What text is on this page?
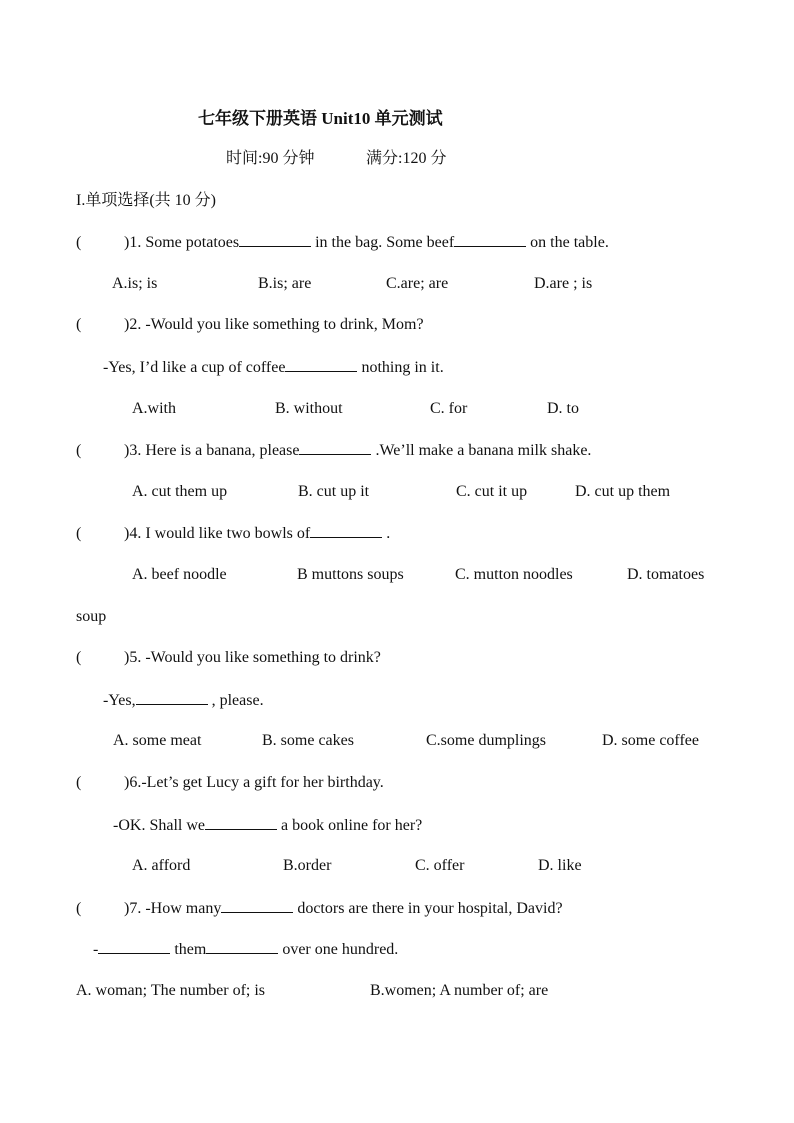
七年级下册英语 Unit10 单元测试
时间:90 分钟	满分:120 分
I.单项选择(共 10 分)
(	)1. Some potatoes	in the bag. Some beef	on the table.
A.is; is	B.is; are	C.are; are	D.are ; is
(	)2. -Would you like something to drink, Mom?
-Yes, I’d like a cup of coffee	nothing in it.
A.with	B. without	C. for	D. to
(	)3. Here is a banana, please	.We’ll make a banana milk shake.
A. cut them up	B. cut up it	C. cut it up	D. cut up them
(	)4. I would like two bowls of	.
A. beef noodle	B muttons soups	C. mutton noodles	D. tomatoes
soup
(	)5. -Would you like something to drink?
-Yes,	, please.
A. some meat	B. some cakes	C.some dumplings	D. some coffee
(	)6.-Let’s get Lucy a gift for her birthday.
-OK. Shall we	a book online for her?
A. afford	B.order	C. offer	D. like
(	)7. -How many	doctors are there in your hospital, David?
-	them	over one hundred.
A. woman; The number of; is	B.women; A number of; are
